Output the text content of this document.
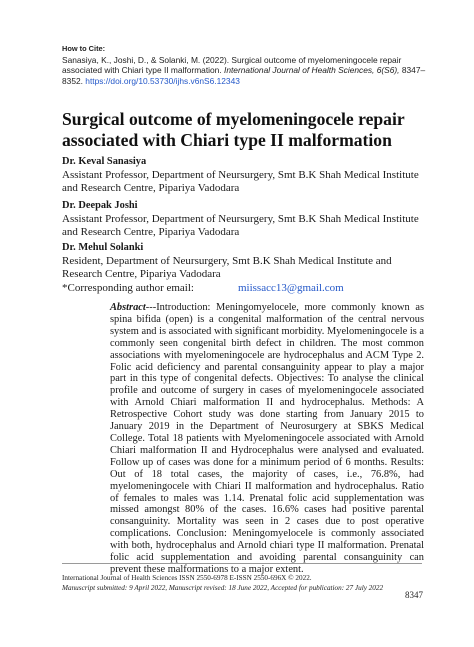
How to Cite:
Sanasiya, K., Joshi, D., & Solanki, M. (2022). Surgical outcome of myelomeningocele repair associated with Chiari type II malformation. International Journal of Health Sciences, 6(S6), 8347–8352. https://doi.org/10.53730/ijhs.v6nS6.12343
Surgical outcome of myelomeningocele repair associated with Chiari type II malformation
Dr. Keval Sanasiya
Assistant Professor, Department of Neursurgery, Smt B.K Shah Medical Institute and Research Centre, Pipariya Vadodara
Dr. Deepak Joshi
Assistant Professor, Department of Neursurgery, Smt B.K Shah Medical Institute and Research Centre, Pipariya Vadodara
Dr. Mehul Solanki
Resident, Department of Neursurgery, Smt B.K Shah Medical Institute and Research Centre, Pipariya Vadodara
*Corresponding author email:	miissacc13@gmail.com
Abstract---Introduction: Meningomyelocele, more commonly known as spina bifida (open) is a congenital malformation of the central nervous system and is associated with significant morbidity. Myelomeningocele is a commonly seen congenital birth defect in children. The most common associations with myelomeningocele are hydrocephalus and ACM Type 2. Folic acid deficiency and parental consanguinity appear to play a major part in this type of congenital defects. Objectives: To analyse the clinical profile and outcome of surgery in cases of myelomeningocele associated with Arnold Chiari malformation II and hydrocephalus. Methods: A Retrospective Cohort study was done starting from January 2015 to January 2019 in the Department of Neurosurgery at SBKS Medical College. Total 18 patients with Myelomeningocele associated with Arnold Chiari malformation II and Hydrocephalus were analysed and evaluated. Follow up of cases was done for a minimum period of 6 months. Results: Out of 18 total cases, the majority of cases, i.e., 76.8%, had myelomeningocele with Chiari II malformation and hydrocephalus. Ratio of females to males was 1.14. Prenatal folic acid supplementation was missed amongst 80% of the cases. 16.6% cases had positive parental consanguinity. Mortality was seen in 2 cases due to post operative complications. Conclusion: Meningomyelocele is commonly associated with both, hydrocephalus and Arnold chiari type II malformation. Prenatal folic acid supplementation and avoiding parental consanguinity can prevent these malformations to a major extent.
International Journal of Health Sciences ISSN 2550-6978 E-ISSN 2550-696X © 2022.
Manuscript submitted: 9 April 2022, Manuscript revised: 18 June 2022, Accepted for publication: 27 July 2022
8347
